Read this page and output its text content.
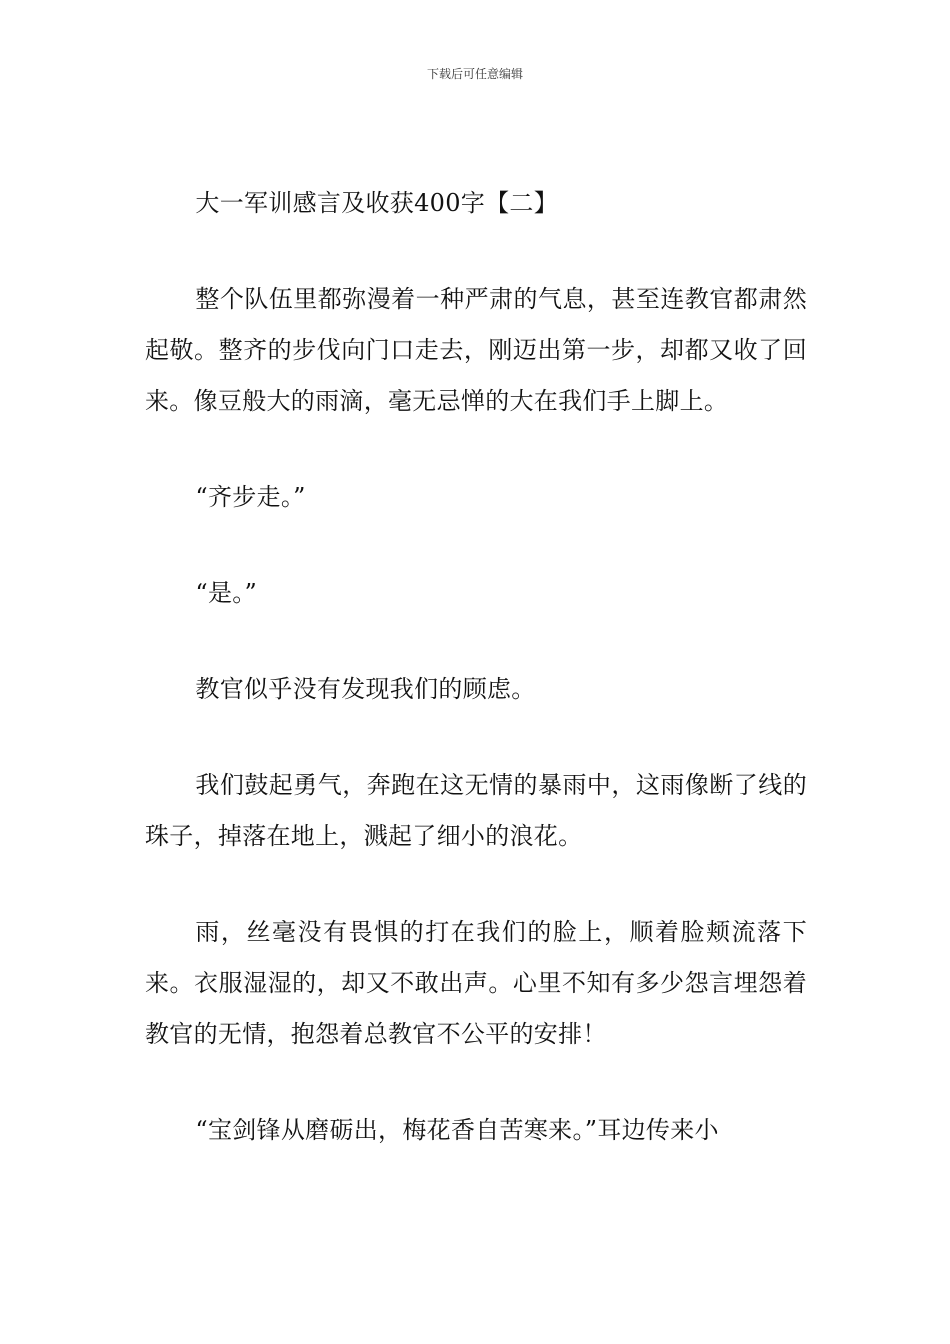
下载后可任意编辑

大一军训感言及收获400字【二】

整个队伍里都弥漫着一种严肃的气息，甚至连教官都肃然起敬。整齐的步伐向门口走去，刚迈出第一步，却都又收了回来。像豆般大的雨滴，毫无忌惮的大在我们手上脚上。

“齐步走。”

“是。”

教官似乎没有发现我们的顾虑。

我们鼓起勇气，奔跑在这无情的暴雨中，这雨像断了线的珠子，掉落在地上，溅起了细小的浪花。

雨，丝毫没有畏惧的打在我们的脸上，顺着脸颊流落下来。衣服湿湿的，却又不敢出声。心里不知有多少怨言埋怨着教官的无情，抱怨着总教官不公平的安排！

“宝剑锋从磨砺出，梅花香自苦寒来。”耳边传来小
